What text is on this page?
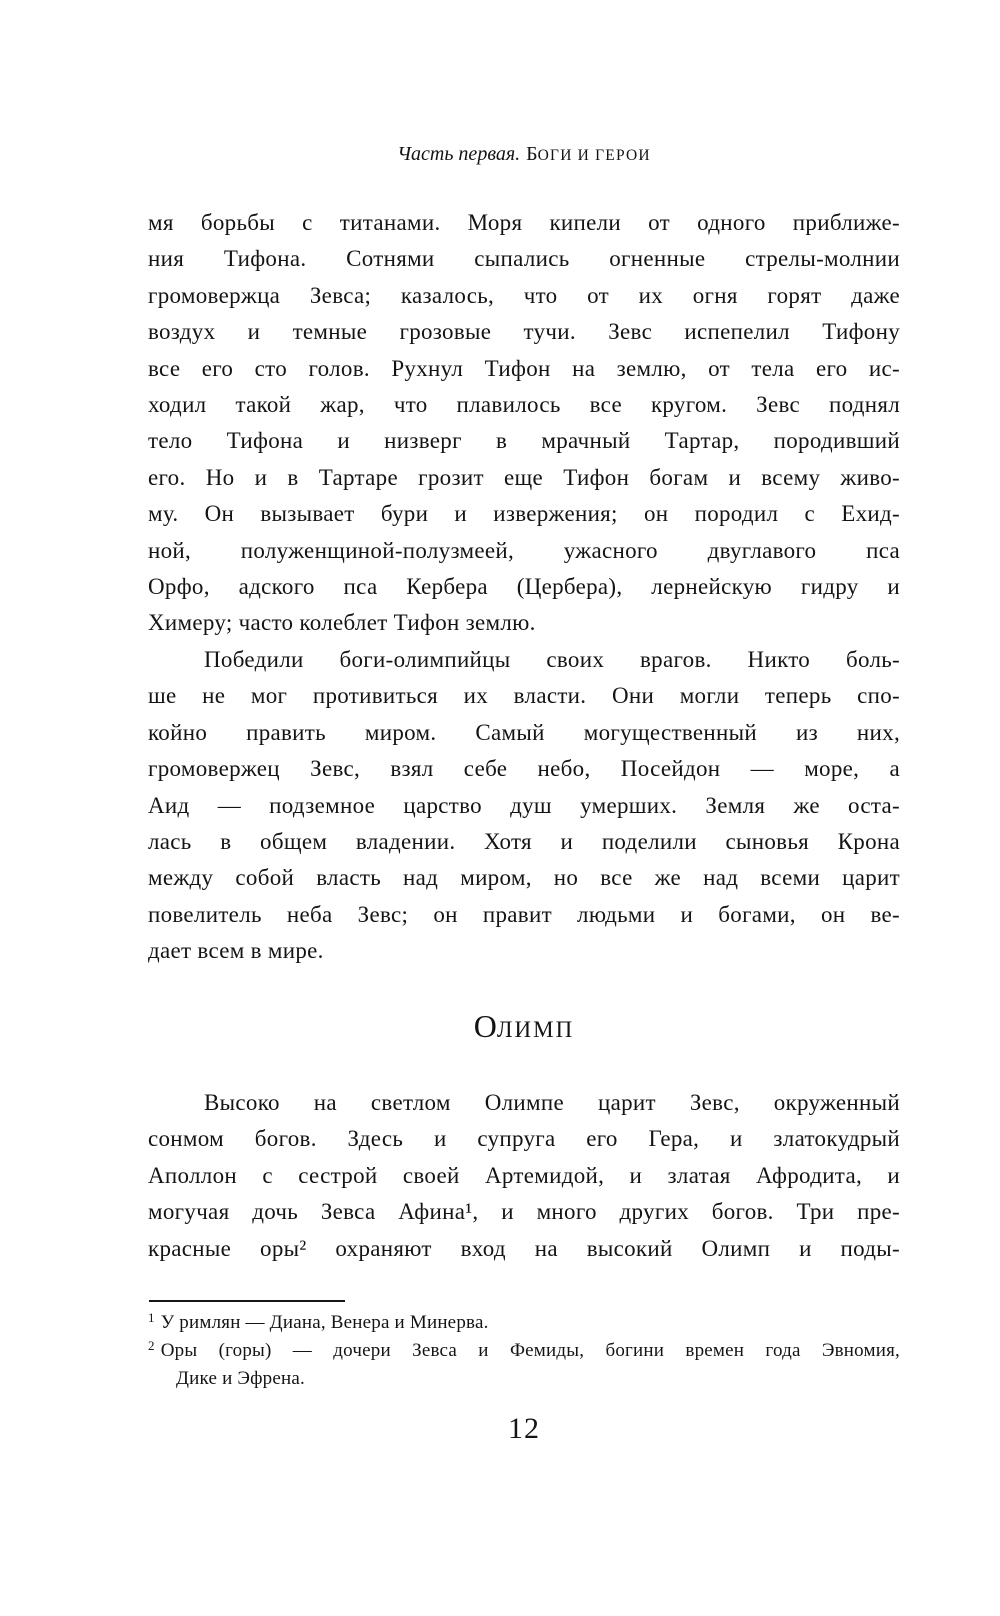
Часть первая. БОГИ И ГЕРОИ
мя борьбы с титанами. Моря кипели от одного приближе-
ния Тифона. Сотнями сыпались огненные стрелы-молнии
громовержца Зевса; казалось, что от их огня горят даже
воздух и темные грозовые тучи. Зевс испепелил Тифону
все его сто голов. Рухнул Тифон на землю, от тела его ис-
ходил такой жар, что плавилось все кругом. Зевс поднял
тело Тифона и низверг в мрачный Тартар, породивший
его. Но и в Тартаре грозит еще Тифон богам и всему живо-
му. Он вызывает бури и извержения; он породил с Ехид-
ной, полуженщиной-полузмеей, ужасного двуглавого пса
Орфо, адского пса Кербера (Цербера), лернейскую гидру и
Химеру; часто колеблет Тифон землю.
Победили боги-олимпийцы своих врагов. Никто боль-
ше не мог противиться их власти. Они могли теперь спо-
койно править миром. Самый могущественный из них,
громовержец Зевс, взял себе небо, Посейдон — море, а
Аид — подземное царство душ умерших. Земля же оста-
лась в общем владении. Хотя и поделили сыновья Крона
между собой власть над миром, но все же над всеми царит
повелитель неба Зевс; он правит людьми и богами, он ве-
дает всем в мире.
ОЛИМП
Высоко на светлом Олимпе царит Зевс, окруженный
сонмом богов. Здесь и супруга его Гера, и златокудрый
Аполлон с сестрой своей Артемидой, и златая Афродита, и
могучая дочь Зевса Афина¹, и много других богов. Три пре-
красные оры² охраняют вход на высокий Олимп и поды-
$^1$ У римлян — Диана, Венера и Минерва.
$^2$ Оры (горы) — дочери Зевса и Фемиды, богини времен года Эвномия,
Дике и Эфрена.
12
